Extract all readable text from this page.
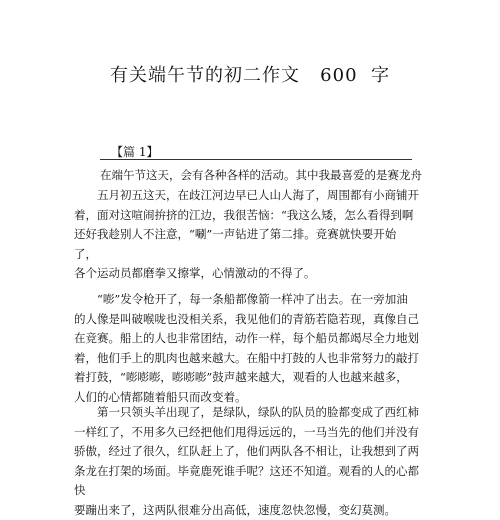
有关端午节的初二作文   600  字
【篇 1】
在端午节这天，会有各种各样的活动。其中我最喜爱的是赛龙舟
　　五月初五这天，在歧江河边早已人山人海了，周围都有小商铺开
着，面对这喧闹拚挤的江边，我很苦恼：“我这么矮，怎么看得到啊
还好我趁别人不注意，“唰”一声钻进了第二排。竞赛就快要开始
了，
各个运动员都磨拳又擦掌，心情激动的不得了。
　　“嘭”发令枪开了，每一条船都像箭一样冲了出去。在一旁加油
的人像是叫破喉咙也没相关系，我见他们的青筋若隐若现，真像自己
在竞赛。船上的人也非常团结，动作一样，每个船员都竭尽全力地划
着，他们手上的肌肉也越来越大。在船中打鼓的人也非常努力的敲打
着打鼓，“嘭嘭嘭，嘭嘭嘭”鼓声越来越大，观看的人也越来越多，
人们的心情都随着船只而改变着。
　　第一只领头羊出现了，是绿队，绿队的队员的脸都变成了西红柿
一样红了，不用多久已经把他们甩得远远的，一马当先的他们并没有
骄傲，经过了很久，红队赶上了，他们两队各不相让，让我想到了两
条龙在打架的场面。毕竟鹿死谁手呢？这还不知道。观看的人的心都
快
要蹦出来了，这两队很难分出高低，速度忽快忽慢，变幻莫测。
